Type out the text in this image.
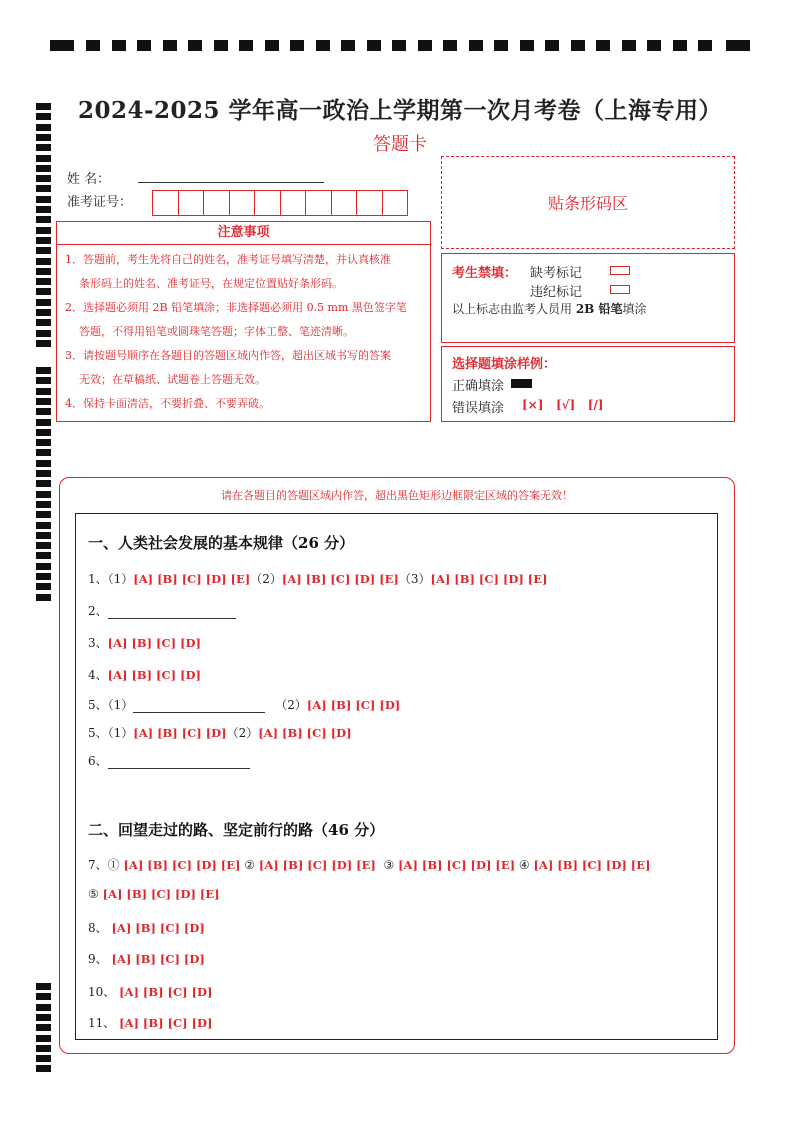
2024-2025 学年高一政治上学期第一次月考卷（上海专用）
答题卡
姓 名：
准考证号：	贴条形码区
注意事项
1．答题前，考生先将自己的姓名，准考证号填写清楚，并认真核准
条形码上的姓名、准考证号，在规定位置贴好条形码。
2．选择题必须用 2B 铅笔填涂；非选择题必须用 0.5 mm 黑色签字笔
答题，不得用铅笔或圆珠笔答题；字体工整、笔迹清晰。
3．请按题号顺序在各题目的答题区域内作答，超出区域书写的答案
无效；在草稿纸、试题卷上答题无效。
4．保持卡面清洁，不要折叠、不要弄破。
考生禁填： 缺考标记
违纪标记
以上标志由监考人员用 2B 铅笔填涂
选择题填涂样例：
正确填涂
错误填涂 [×]   [√]   [/]
请在各题目的答题区域内作答，超出黑色矩形边框限定区域的答案无效！
一、人类社会发展的基本规律（26 分）
1、（1）[A] [B] [C] [D] [E]（2）[A] [B] [C] [D] [E]（3）[A] [B] [C] [D] [E]
2、
3、[A] [B] [C] [D]
4、[A] [B] [C] [D]
5、（1）	（2）[A] [B] [C] [D]
5、（1）[A] [B] [C] [D]（2）[A] [B] [C] [D]
6、
二、回望走过的路、坚定前行的路（46 分）
7、① [A] [B] [C] [D] [E] ② [A] [B] [C] [D] [E] ③ [A] [B] [C] [D] [E] ④ [A] [B] [C] [D] [E]
⑤ [A] [B] [C] [D] [E]
8、 [A] [B] [C] [D]
9、 [A] [B] [C] [D]
10、 [A] [B] [C] [D]
11、 [A] [B] [C] [D]
